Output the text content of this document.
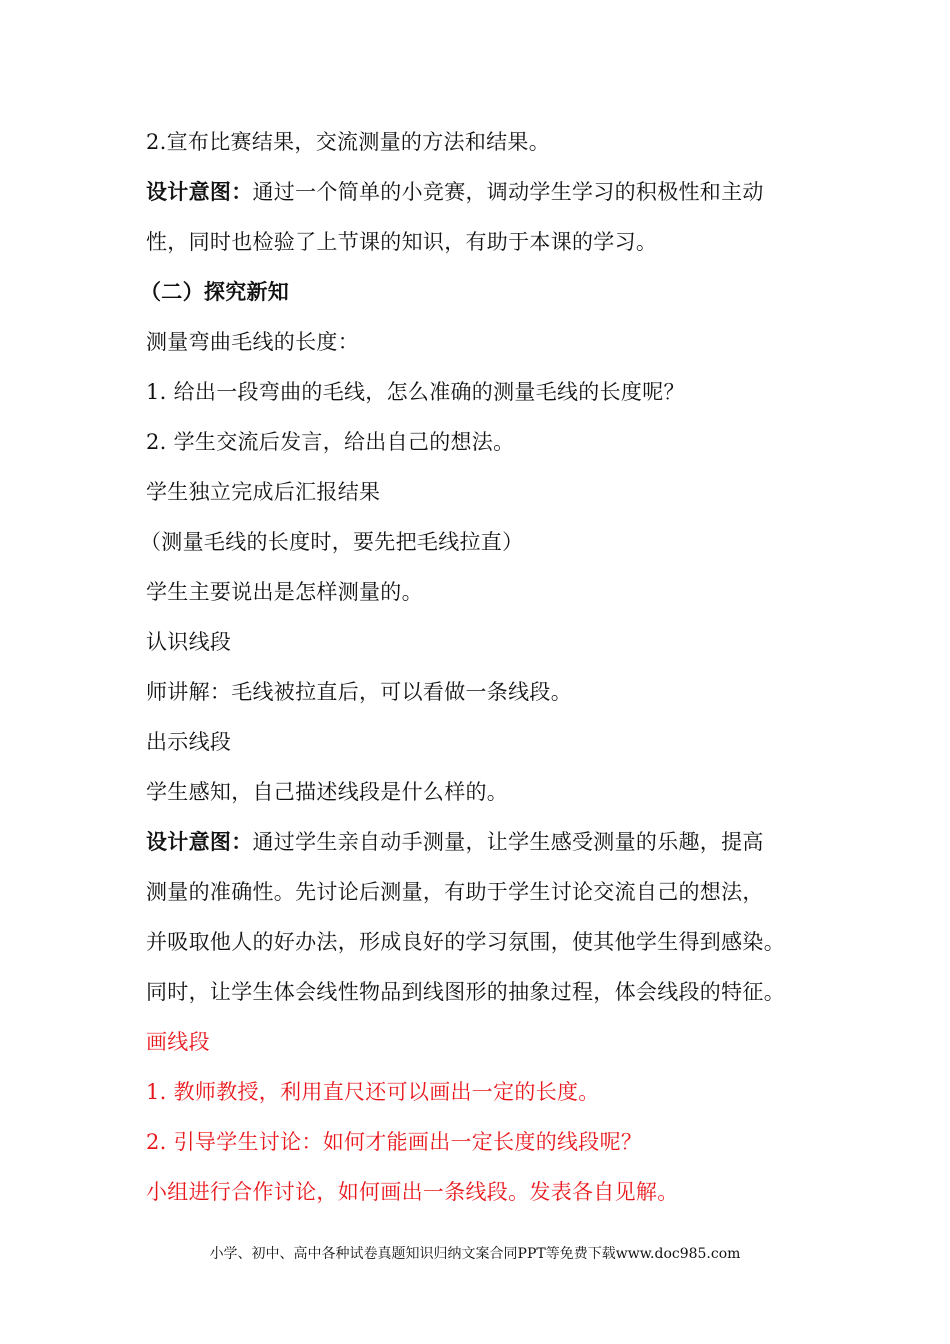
2.宣布比赛结果，交流测量的方法和结果。

设计意图：通过一个简单的小竞赛，调动学生学习的积极性和主动

性，同时也检验了上节课的知识，有助于本课的学习。

（二）探究新知

测量弯曲毛线的长度：

1. 给出一段弯曲的毛线，怎么准确的测量毛线的长度呢？

2. 学生交流后发言，给出自己的想法。

学生独立完成后汇报结果

（测量毛线的长度时，要先把毛线拉直）

学生主要说出是怎样测量的。

认识线段

师讲解：毛线被拉直后，可以看做一条线段。

出示线段

学生感知，自己描述线段是什么样的。

设计意图：通过学生亲自动手测量，让学生感受测量的乐趣，提高

测量的准确性。先讨论后测量，有助于学生讨论交流自己的想法，

并吸取他人的好办法，形成良好的学习氛围，使其他学生得到感染。

同时，让学生体会线性物品到线图形的抽象过程，体会线段的特征。

画线段

1. 教师教授，利用直尺还可以画出一定的长度。

2. 引导学生讨论：如何才能画出一定长度的线段呢？

小组进行合作讨论，如何画出一条线段。发表各自见解。

小学、初中、高中各种试卷真题知识归纳文案合同PPT等免费下载www.doc985.com
